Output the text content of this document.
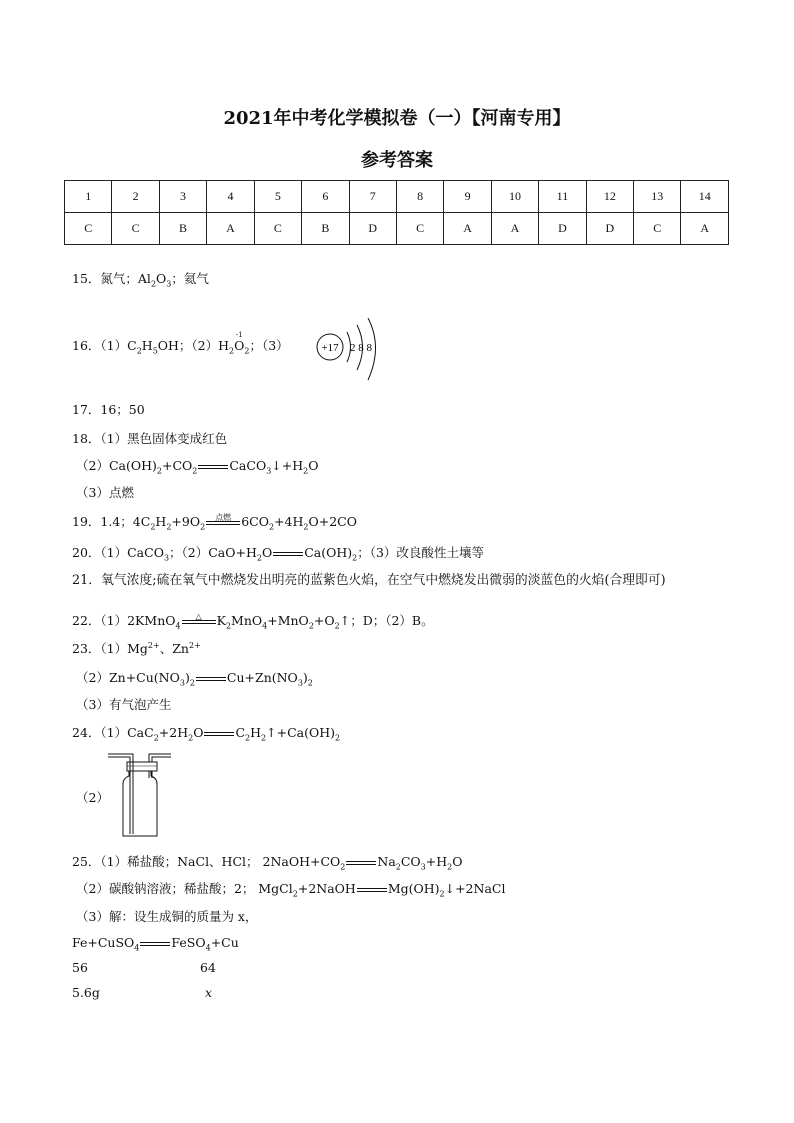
2021年中考化学模拟卷（一）【河南专用】
参考答案
1	2	3	4	5	6	7	8	9	10	11	12	13	14
C	C	B	A	C	B	D	C	A	A	D	D	C	A
15．氮气；$Al_2O_3$；氦气
16．$(1)C_2H_5OH$；$(2)H_2$
-1
$O_2$；（3）	+17 2 8 8
17．16；50
18．（1）黑色固体变成红色
$(2)Ca(OH)_2+CO_2$	$CaCO_3↓+H_2O$
（3）点燃
19．1.4；$4C_2H_2+9O_2$
点燃 $6CO_2+4H_2O+2CO$
20．（1）CaCO$_3$；$(2)CaO+H_2O$	$Ca(OH)_2$；（3）改良酸性土壤等
21．氧气浓度;硫在氧气中燃烧发出明亮的蓝紫色火焰，在空气中燃烧发出微弱的淡蓝色的火焰(合理即可)
22．（1）2KMnO$_4$
△	$K_2MnO_4+MnO_2+O_2↑$；D；（2）B。
23．$(1)Mg^{2+}$、$Zn^{2+}$
$(2)Zn+Cu(NO_3)_2$	$Cu+Zn(NO_3)_2$
（3）有气泡产生
24．$(1)CaC_2+2H_2O$	$C_2H_2↑+Ca(OH)_2$
（2）
25．（1）稀盐酸；NaCl、HCl； $2NaOH+CO_2$	$Na_2CO_3+H_2O$
（2）碳酸钠溶液；稀盐酸；2； MgCl$_2$+2NaOH	$Mg(OH)_2↓+2NaCl$
（3）解：设生成铜的质量为 x，
Fe+CuSO$_4$	FeSO$_4$+Cu
56	64
5.6g	x
